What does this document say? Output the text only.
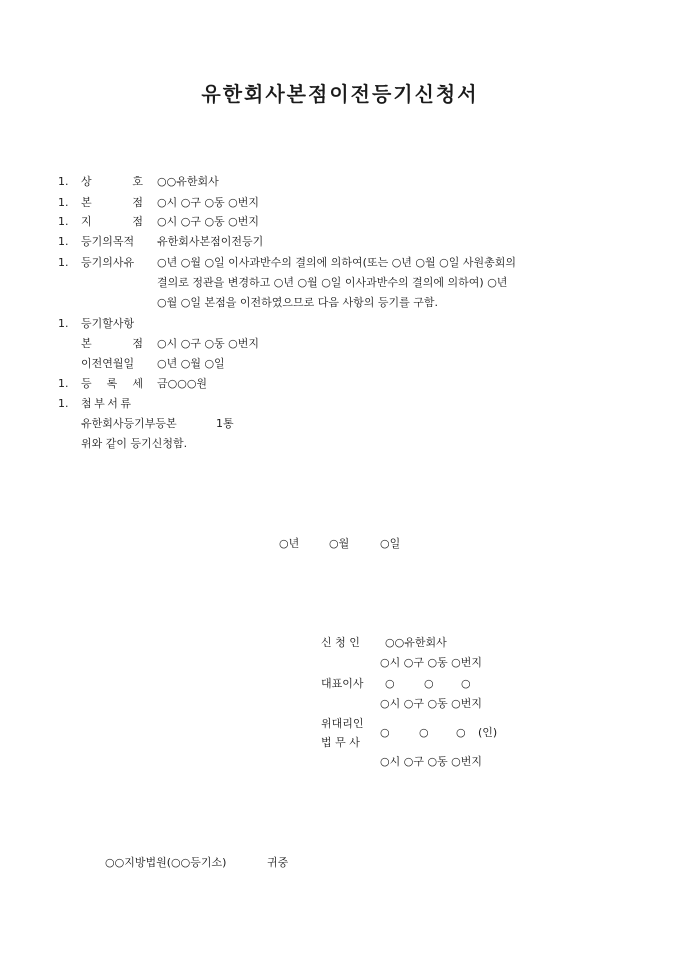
유한회사본점이전등기신청서
1. 상	호 ○○유한회사
1. 본	점 ○시 ○구 ○동 ○번지
1. 지	점 ○시 ○구 ○동 ○번지
1. 등기의목적	유한회사본점이전등기
1. 등기의사유	○년 ○월 ○일 이사과반수의 결의에 의하여(또는 ○년 ○월 ○일 사원총회의
결의로 정관을 변경하고 ○년 ○월 ○일 이사과반수의 결의에 의하여) ○년
○월 ○일 본점을 이전하였으므로 다음 사항의 등기를 구함.
1. 등기할사항
본	점 ○시 ○구 ○동 ○번지
이전연월일	○년 ○월 ○일
1. 등 록 세 금○○○원
1. 첨 부 서 류
유한회사등기부등본	1통
위와 같이 등기신청함.
○년	○월	○일
신 청 인 ○○유한회사
○시 ○구 ○동 ○번지
대표이사 ○	○ ○
○시 ○구 ○동 ○번지
위대리인
법 무 사
○	○ ○ (인)
○시 ○구 ○동 ○번지
○○지방법원(○○등기소)	귀중
